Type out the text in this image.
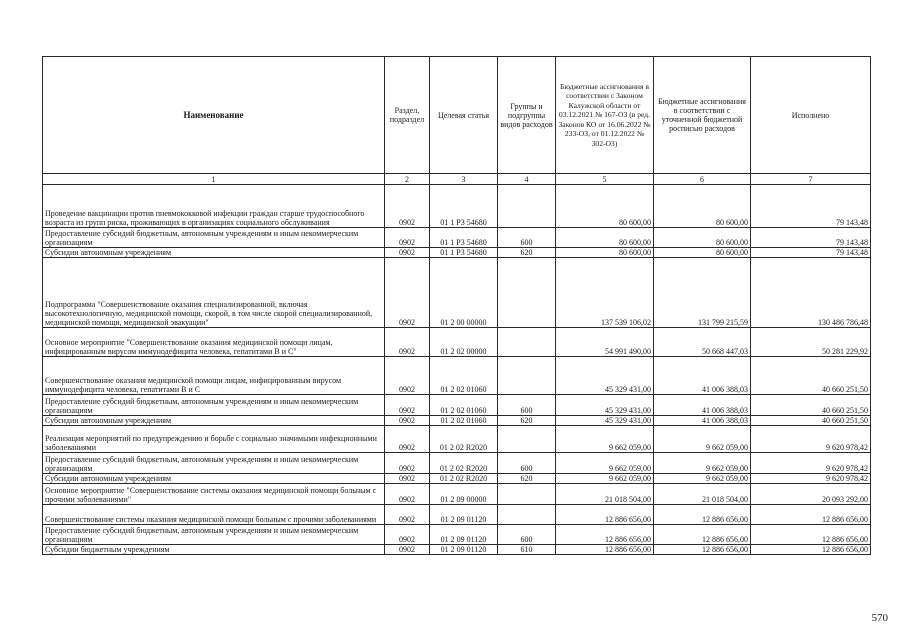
Наименование	Раздел, подраздел	Целевая статья	Группы и подгруппы видов расходов	Бюджетные ассигнования в соответствии с Законом Калужской области от 03.12.2021 № 167-ОЗ (в ред. Законов КО от 16.06.2022 № 233-ОЗ, от 01.12.2022 № 302-ОЗ)	Бюджетные ассигнования в соответствии с уточненной бюджетной росписью расходов	Исполнено
1	2	3	4	5	6	7
Проведение вакцинации против пневмококковой инфекции граждан старше трудоспособного возраста из групп риска, проживающих в организациях социального обслуживания	0902	01 1 P3 54680		80 600,00	80 600,00	79 143,48
Предоставление субсидий бюджетным, автономным учреждениям и иным некоммерческим организациям	0902	01 1 P3 54680	600	80 600,00	80 600,00	79 143,48
Субсидии автономным учреждениям	0902	01 1 P3 54680	620	80 600,00	80 600,00	79 143,48
Подпрограмма "Совершенствование оказания специализированной, включая высокотехнологичную, медицинской помощи, скорой, в том числе скорой специализированной, медицинской помощи, медицинской эвакуации"	0902	01 2 00 00000		137 539 106,02	131 799 215,59	130 486 786,48
Основное мероприятие "Совершенствование оказания медицинской помощи лицам, инфицированным вирусом иммунодефицита человека, гепатитами B и C"	0902	01 2 02 00000		54 991 490,00	50 668 447,03	50 281 229,92
Совершенствование оказания медицинской помощи лицам, инфицированным вирусом иммунодефицита человека, гепатитами B и C	0902	01 2 02 01060		45 329 431,00	41 006 388,03	40 660 251,50
Предоставление субсидий бюджетным, автономным учреждениям и иным некоммерческим организациям	0902	01 2 02 01060	600	45 329 431,00	41 006 388,03	40 660 251,50
Субсидии автономным учреждениям	0902	01 2 02 01060	620	45 329 431,00	41 006 388,03	40 660 251,50
Реализация мероприятий по предупреждению и борьбе с социально значимыми инфекционными заболеваниями	0902	01 2 02 R2020		9 662 059,00	9 662 059,00	9 620 978,42
Предоставление субсидий бюджетным, автономным учреждениям и иным некоммерческим организациям	0902	01 2 02 R2020	600	9 662 059,00	9 662 059,00	9 620 978,42
Субсидии автономным учреждениям	0902	01 2 02 R2020	620	9 662 059,00	9 662 059,00	9 620 978,42
Основное мероприятие "Совершенствование системы оказания медицинской помощи больным с прочими заболеваниями"	0902	01 2 09 00000		21 018 504,00	21 018 504,00	20 093 292,00
Совершенствование системы оказания медицинской помощи больным с прочими заболеваниями	0902	01 2 09 01120		12 886 656,00	12 886 656,00	12 886 656,00
Предоставление субсидий бюджетным, автономным учреждениям и иным некоммерческим организациям	0902	01 2 09 01120	600	12 886 656,00	12 886 656,00	12 886 656,00
Субсидии бюджетным учреждениям	0902	01 2 09 01120	610	12 886 656,00	12 886 656,00	12 886 656,00
570
